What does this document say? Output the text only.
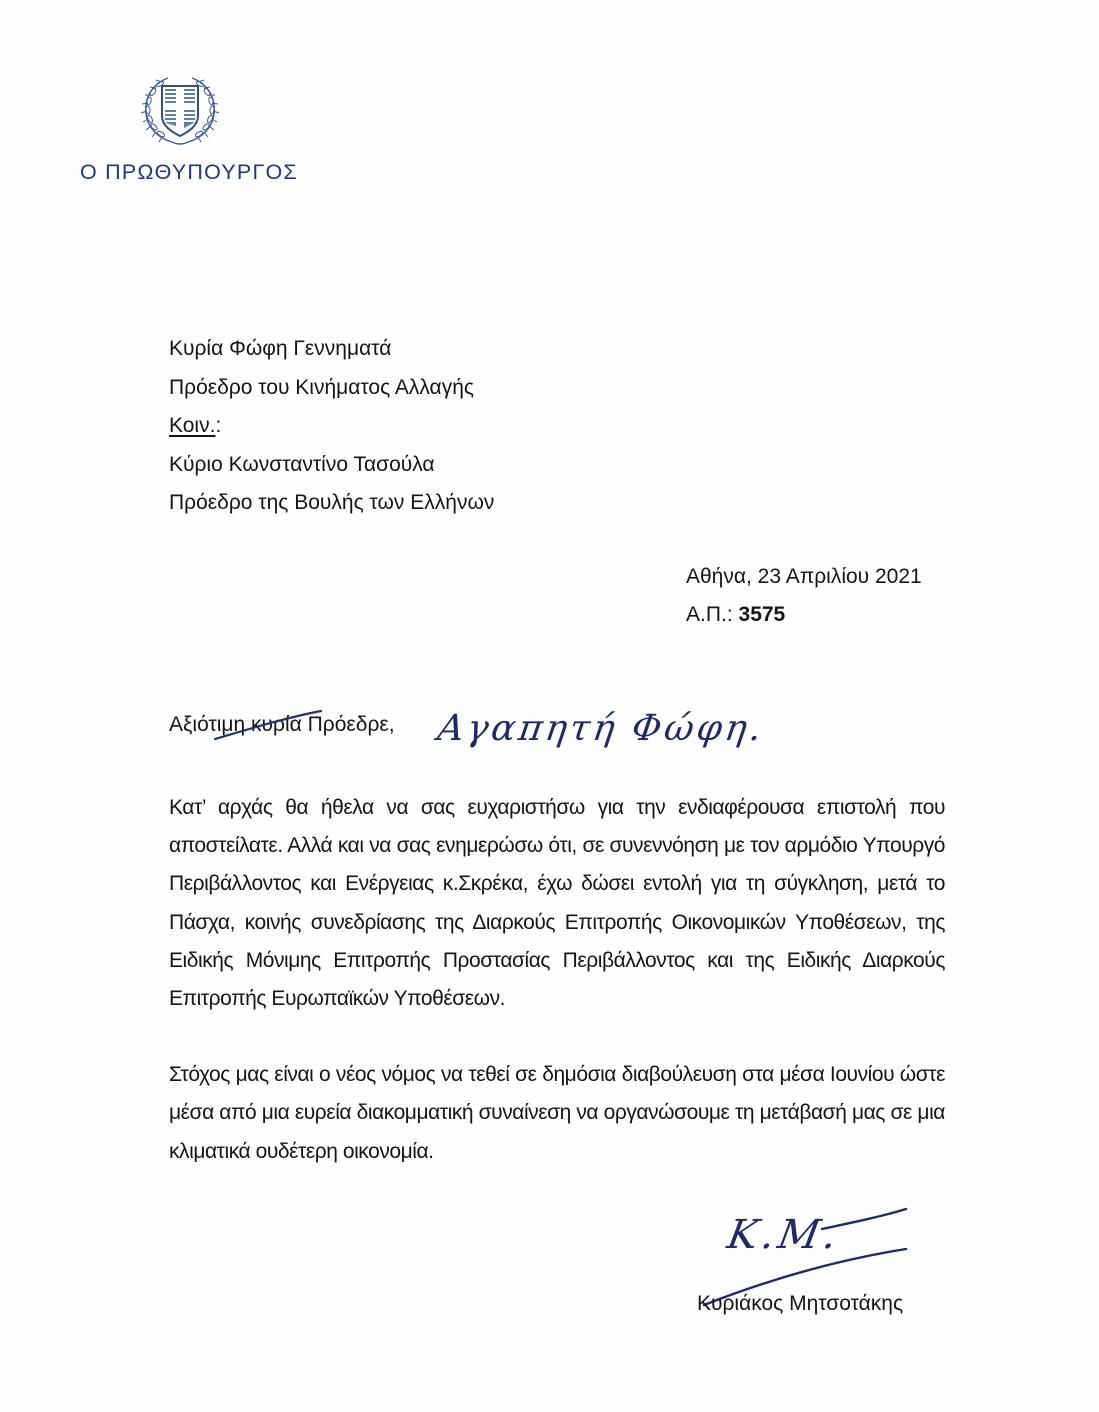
Ο ΠΡΩΘΥΠΟΥΡΓΟΣ
Κυρία Φώφη Γεννηματά
Πρόεδρο του Κινήματος Αλλαγής
Κοιν.:
Κύριο Κωνσταντίνο Τασούλα
Πρόεδρο της Βουλής των Ελλήνων
Αθήνα, 23 Απριλίου 2021
Α.Π.: 3575
Αξιότιμη κυρία Πρόεδρε, Αγαπητή Φώφη.

Κατ’ αρχάς θα ήθελα να σας ευχαριστήσω για την ενδιαφέρουσα επιστολή που αποστείλατε. Αλλά και να σας ενημερώσω ότι, σε συνεννόηση με τον αρμόδιο Υπουργό Περιβάλλοντος και Ενέργειας κ.Σκρέκα, έχω δώσει εντολή για τη σύγκληση, μετά το Πάσχα, κοινής συνεδρίασης της Διαρκούς Επιτροπής Οικονομικών Υποθέσεων, της Ειδικής Μόνιμης Επιτροπής Προστασίας Περιβάλλοντος και της Ειδικής Διαρκούς Επιτροπής Ευρωπαϊκών Υποθέσεων.

Στόχος μας είναι ο νέος νόμος να τεθεί σε δημόσια διαβούλευση στα μέσα Ιουνίου ώστε μέσα από μια ευρεία διακομματική συναίνεση να οργανώσουμε τη μετάβασή μας σε μια κλιματικά ουδέτερη οικονομία.

Κ.Μ.
Κυριάκος Μητσοτάκης
